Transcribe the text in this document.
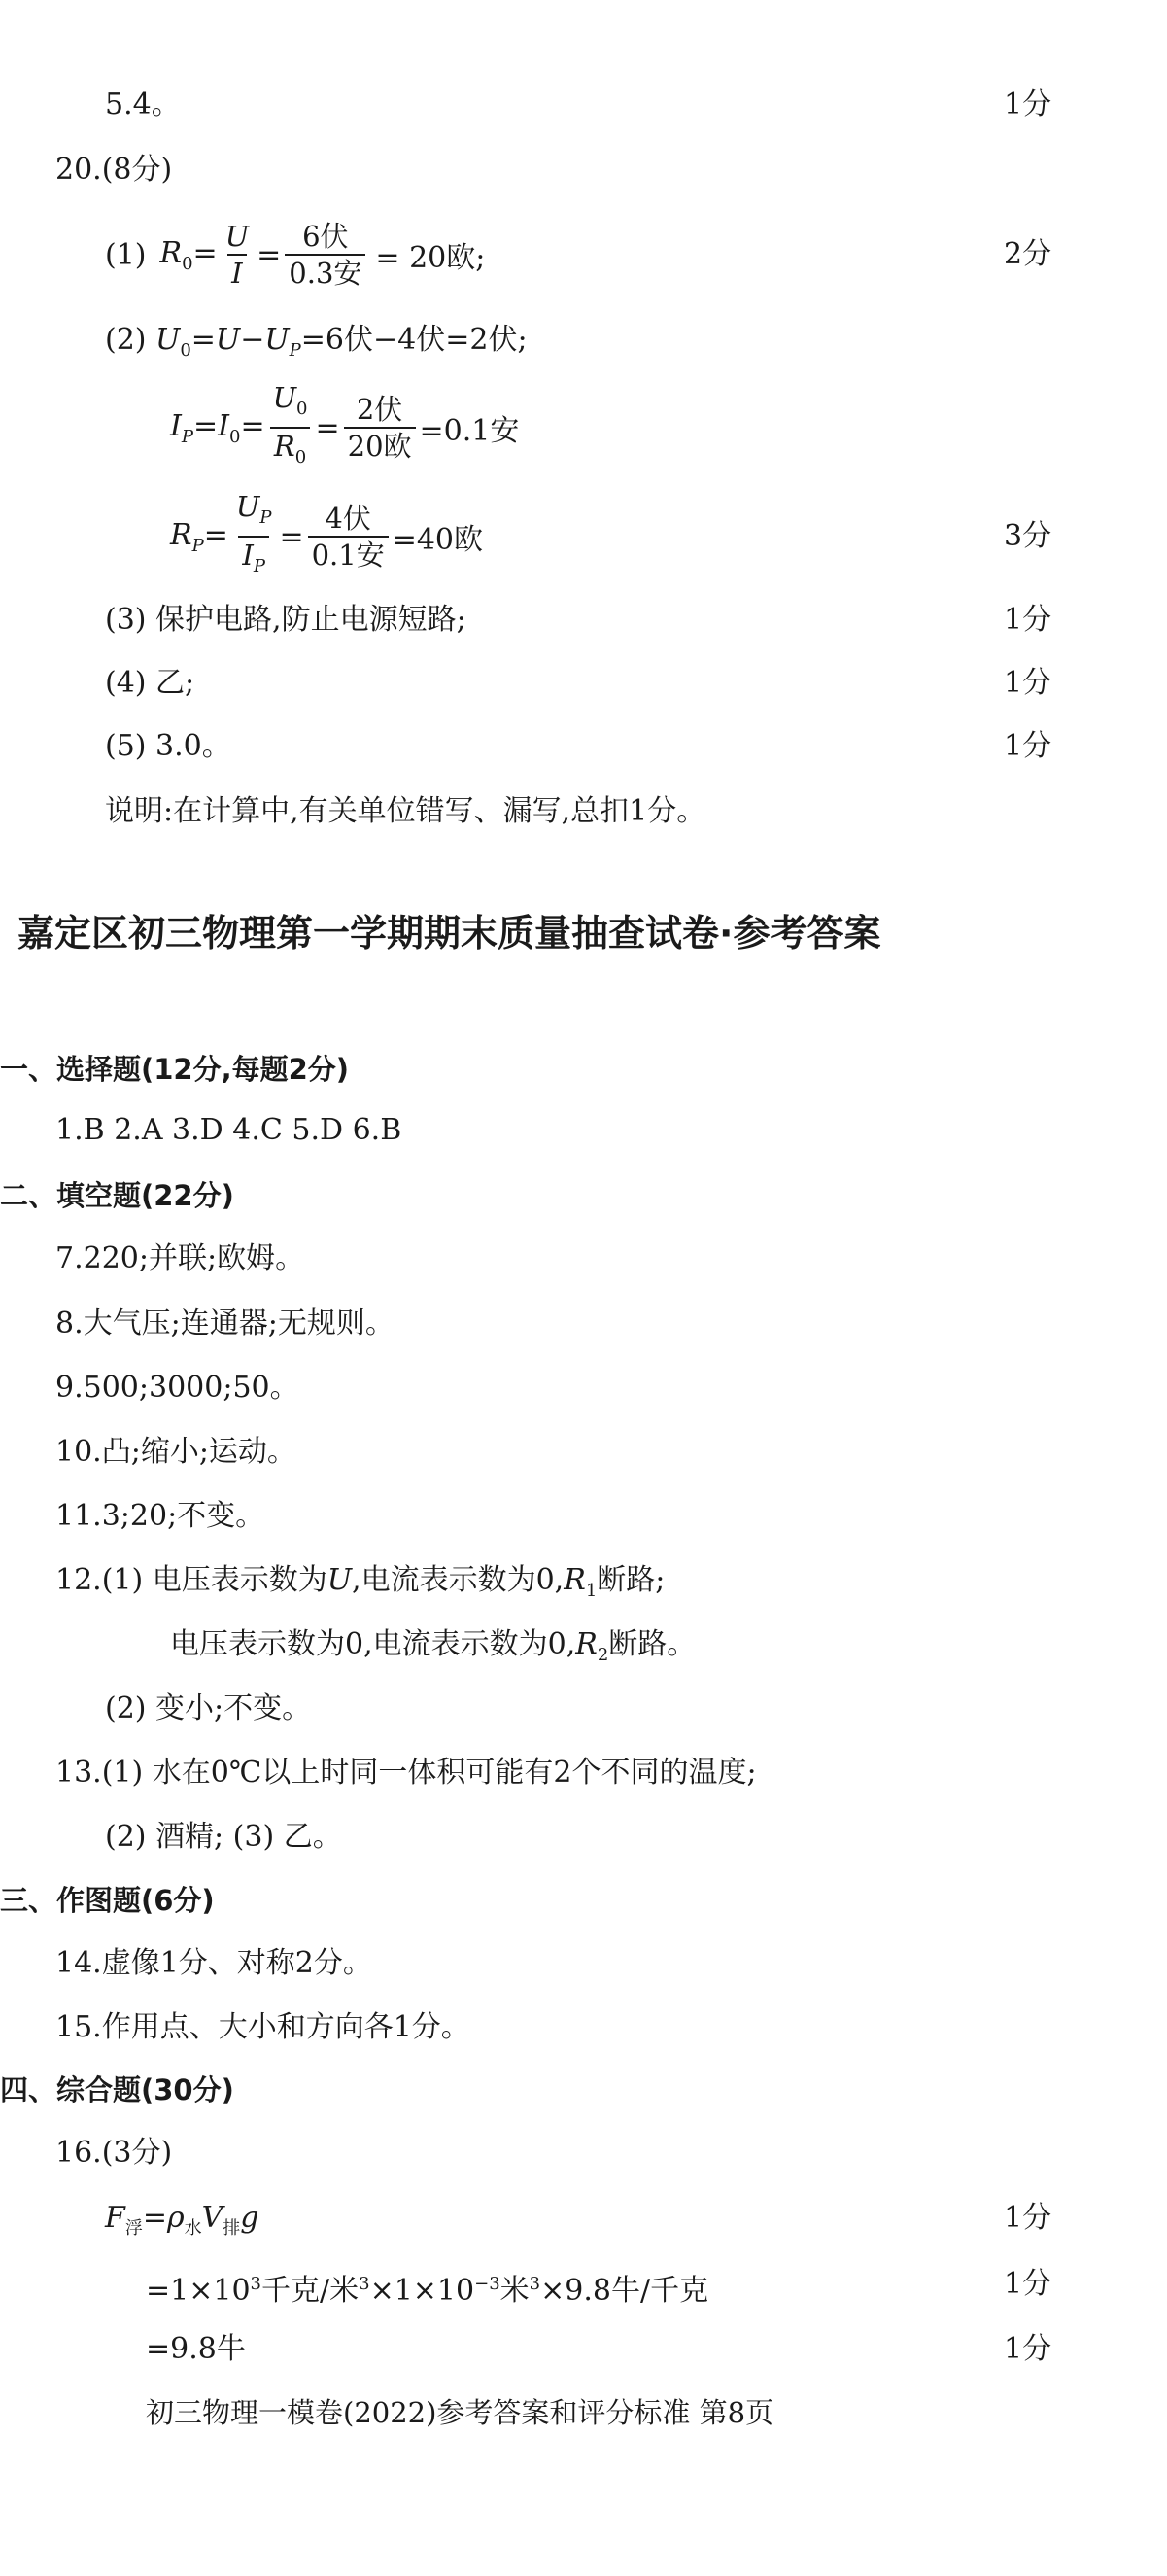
5.4。	1分
20.(8分)
(1) $R_0= \frac{U}{I} = \frac{\text{6伏}}{\text{0.3安}} = 20$欧;	2分
(2) $U_0=U-U_P=6$伏−4伏=2伏;
$I_P=I_0= \frac{U_0}{R_0} = \frac{\text{2伏}}{\text{20欧}} =0.1$安
$R_P= \frac{U_P}{I_P} = \frac{\text{4伏}}{\text{0.1安}} =40$欧	3分
(3) 保护电路,防止电源短路;	1分
(4) 乙;	1分
(5) 3.0。	1分
说明:在计算中,有关单位错写、漏写,总扣1分。
嘉定区初三物理第一学期期末质量抽查试卷·参考答案
一、选择题(12分,每题2分)
1.B 2.A 3.D 4.C 5.D 6.B
二、填空题(22分)
7.220;并联;欧姆。
8.大气压;连通器;无规则。
9.500;3000;50。
10.凸;缩小;运动。
11.3;20;不变。
12.(1) 电压表示数为U,电流表示数为$0,R_1$断路;
电压表示数为0,电流表示数为$0,R_2$断路。
(2) 变小;不变。
13.(1) 水在0℃以上时同一体积可能有2个不同的温度;
(2) 酒精; (3) 乙。
三、作图题(6分)
14.虚像1分、对称2分。
15.作用点、大小和方向各1分。
四、综合题(30分)
16.(3分)
$F_浮=\rho_水V_排g$	1分
$=1\times 10^3$千克/米$^3\times 1\times 10^{-3}$米$^3$×9.8牛/千克	1分
=9.8牛	1分
初三物理一模卷(2022)参考答案和评分标准 第8页
